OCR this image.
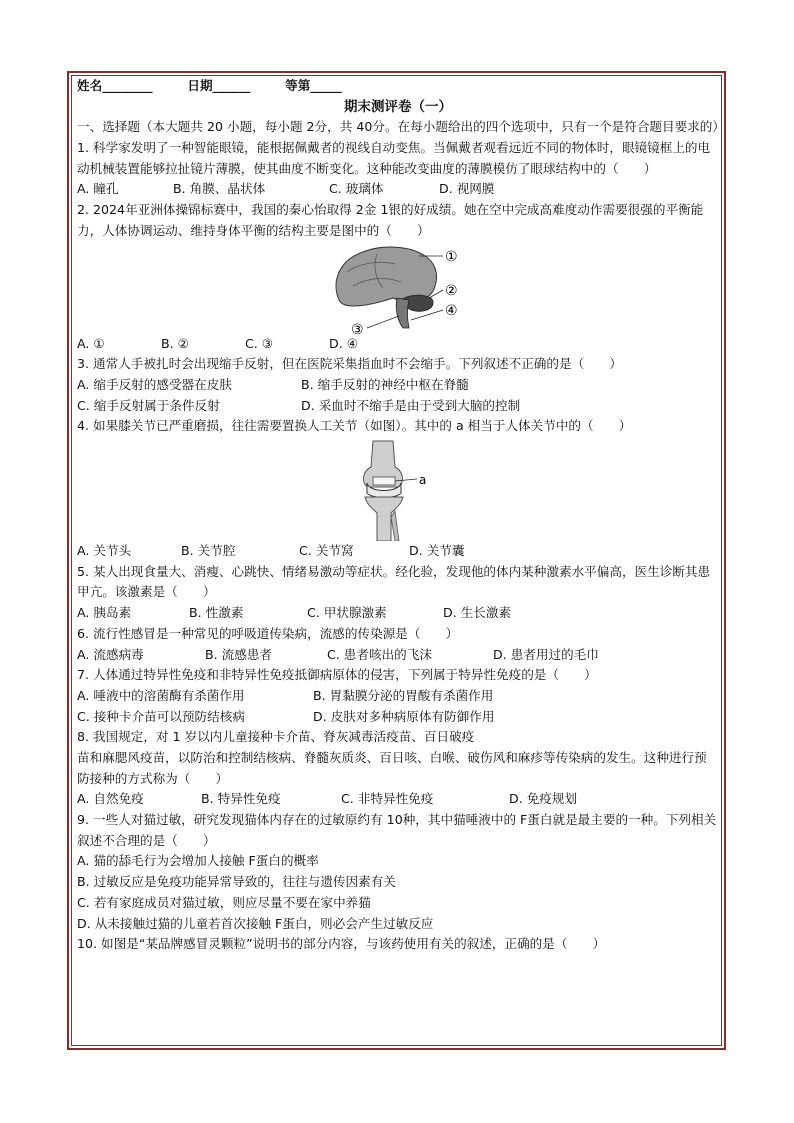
姓名________	日期______	等第_____
期末测评卷（一）
一、选择题（本大题共 20 小题，每小题 2分，共 40分。在每小题给出的四个选项中，只有一个是符合题目要求的）
1. 科学家发明了一种智能眼镜，能根据佩戴者的视线自动变焦。当佩戴者观看远近不同的物体时，眼镜镜框上的电动机械装置能够拉扯镜片薄膜，使其曲度不断变化。这种能改变曲度的薄膜模仿了眼球结构中的（　　）
A. 瞳孔	B. 角膜、晶状体	C. 玻璃体	D. 视网膜
2. 2024年亚洲体操锦标赛中，我国的秦心怡取得 2金 1银的好成绩。她在空中完成高难度动作需要很强的平衡能力，人体协调运动、维持身体平衡的结构主要是图中的（　　）
①
②
④
③
A. ①	B. ②	C. ③	D. ④
3. 通常人手被扎时会出现缩手反射，但在医院采集指血时不会缩手。下列叙述不正确的是（　　）
A. 缩手反射的感受器在皮肤	B. 缩手反射的神经中枢在脊髓
C. 缩手反射属于条件反射	D. 采血时不缩手是由于受到大脑的控制
4. 如果膝关节已严重磨损，往往需要置换人工关节（如图）。其中的 a 相当于人体关节中的（　　）
a
A. 关节头	B. 关节腔	C. 关节窝	D. 关节囊
5. 某人出现食量大、消瘦、心跳快、情绪易激动等症状。经化验，发现他的体内某种激素水平偏高，医生诊断其患甲亢。该激素是（　　）
A. 胰岛素	B. 性激素	C. 甲状腺激素	D. 生长激素
6. 流行性感冒是一种常见的呼吸道传染病，流感的传染源是（　　）
A. 流感病毒	B. 流感患者	C. 患者咳出的飞沫	D. 患者用过的毛巾
7. 人体通过特异性免疫和非特异性免疫抵御病原体的侵害，下列属于特异性免疫的是（　　）
A. 唾液中的溶菌酶有杀菌作用	B. 胃黏膜分泌的胃酸有杀菌作用
C. 接种卡介苗可以预防结核病	D. 皮肤对多种病原体有防御作用
8. 我国规定，对 1 岁以内儿童接种卡介苗、脊灰减毒活疫苗、百日破疫
苗和麻腮风疫苗，以防治和控制结核病、脊髓灰质炎、百日咳、白喉、破伤风和麻疹等传染病的发生。这种进行预防接种的方式称为（　　）
A. 自然免疫	B. 特异性免疫	C. 非特异性免疫	D. 免疫规划
9. 一些人对猫过敏，研究发现猫体内存在的过敏原约有 10种，其中猫唾液中的 F蛋白就是最主要的一种。下列相关叙述不合理的是（　　）
A. 猫的舔毛行为会增加人接触 F蛋白的概率
B. 过敏反应是免疫功能异常导致的，往往与遗传因素有关
C. 若有家庭成员对猫过敏，则应尽量不要在家中养猫
D. 从未接触过猫的儿童若首次接触 F蛋白，则必会产生过敏反应
10. 如图是“某品牌感冒灵颗粒”说明书的部分内容，与该药使用有关的叙述，正确的是（　　）
